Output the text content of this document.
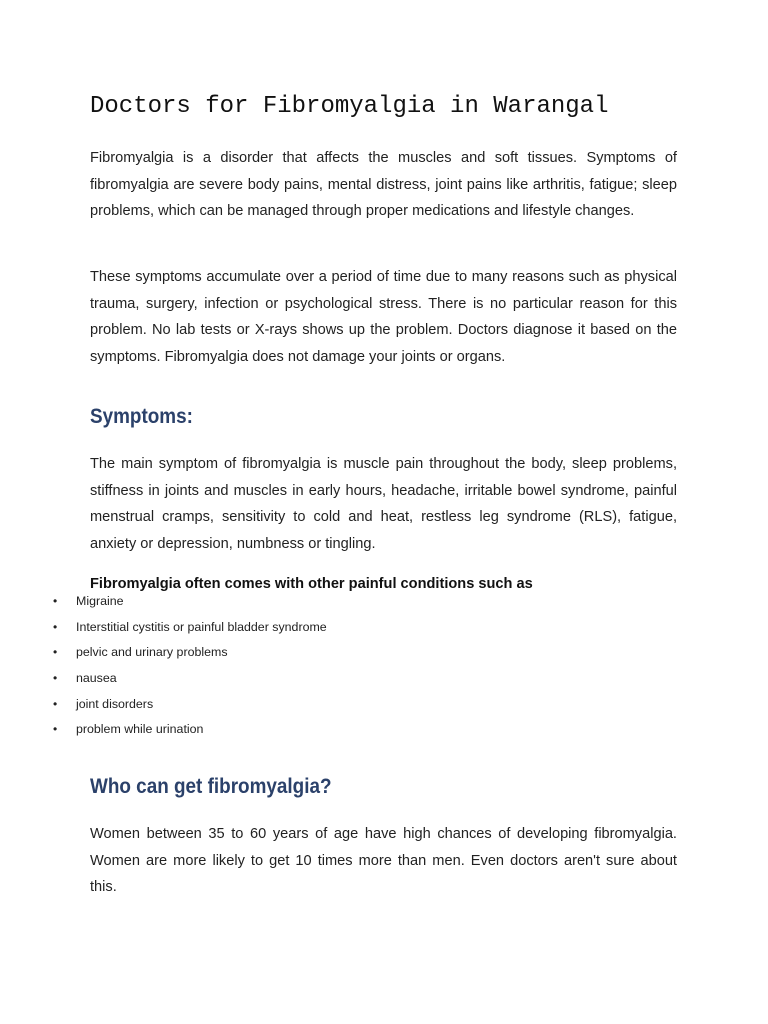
Doctors for Fibromyalgia in Warangal

Fibromyalgia is a disorder that affects the muscles and soft tissues. Symptoms of fibromyalgia are severe body pains, mental distress, joint pains like arthritis, fatigue; sleep problems, which can be managed through proper medications and lifestyle changes.

These symptoms accumulate over a period of time due to many reasons such as physical trauma, surgery, infection or psychological stress. There is no particular reason for this problem. No lab tests or X-rays shows up the problem. Doctors diagnose it based on the symptoms. Fibromyalgia does not damage your joints or organs.

Symptoms:

The main symptom of fibromyalgia is muscle pain throughout the body, sleep problems, stiffness in joints and muscles in early hours, headache, irritable bowel syndrome, painful menstrual cramps, sensitivity to cold and heat, restless leg syndrome (RLS), fatigue, anxiety or depression, numbness or tingling.

Fibromyalgia often comes with other painful conditions such as

• Migraine
• Interstitial cystitis or painful bladder syndrome
• pelvic and urinary problems
• nausea
• joint disorders
• problem while urination
Who can get fibromyalgia?

Women between 35 to 60 years of age have high chances of developing fibromyalgia. Women are more likely to get 10 times more than men. Even doctors aren't sure about this.
